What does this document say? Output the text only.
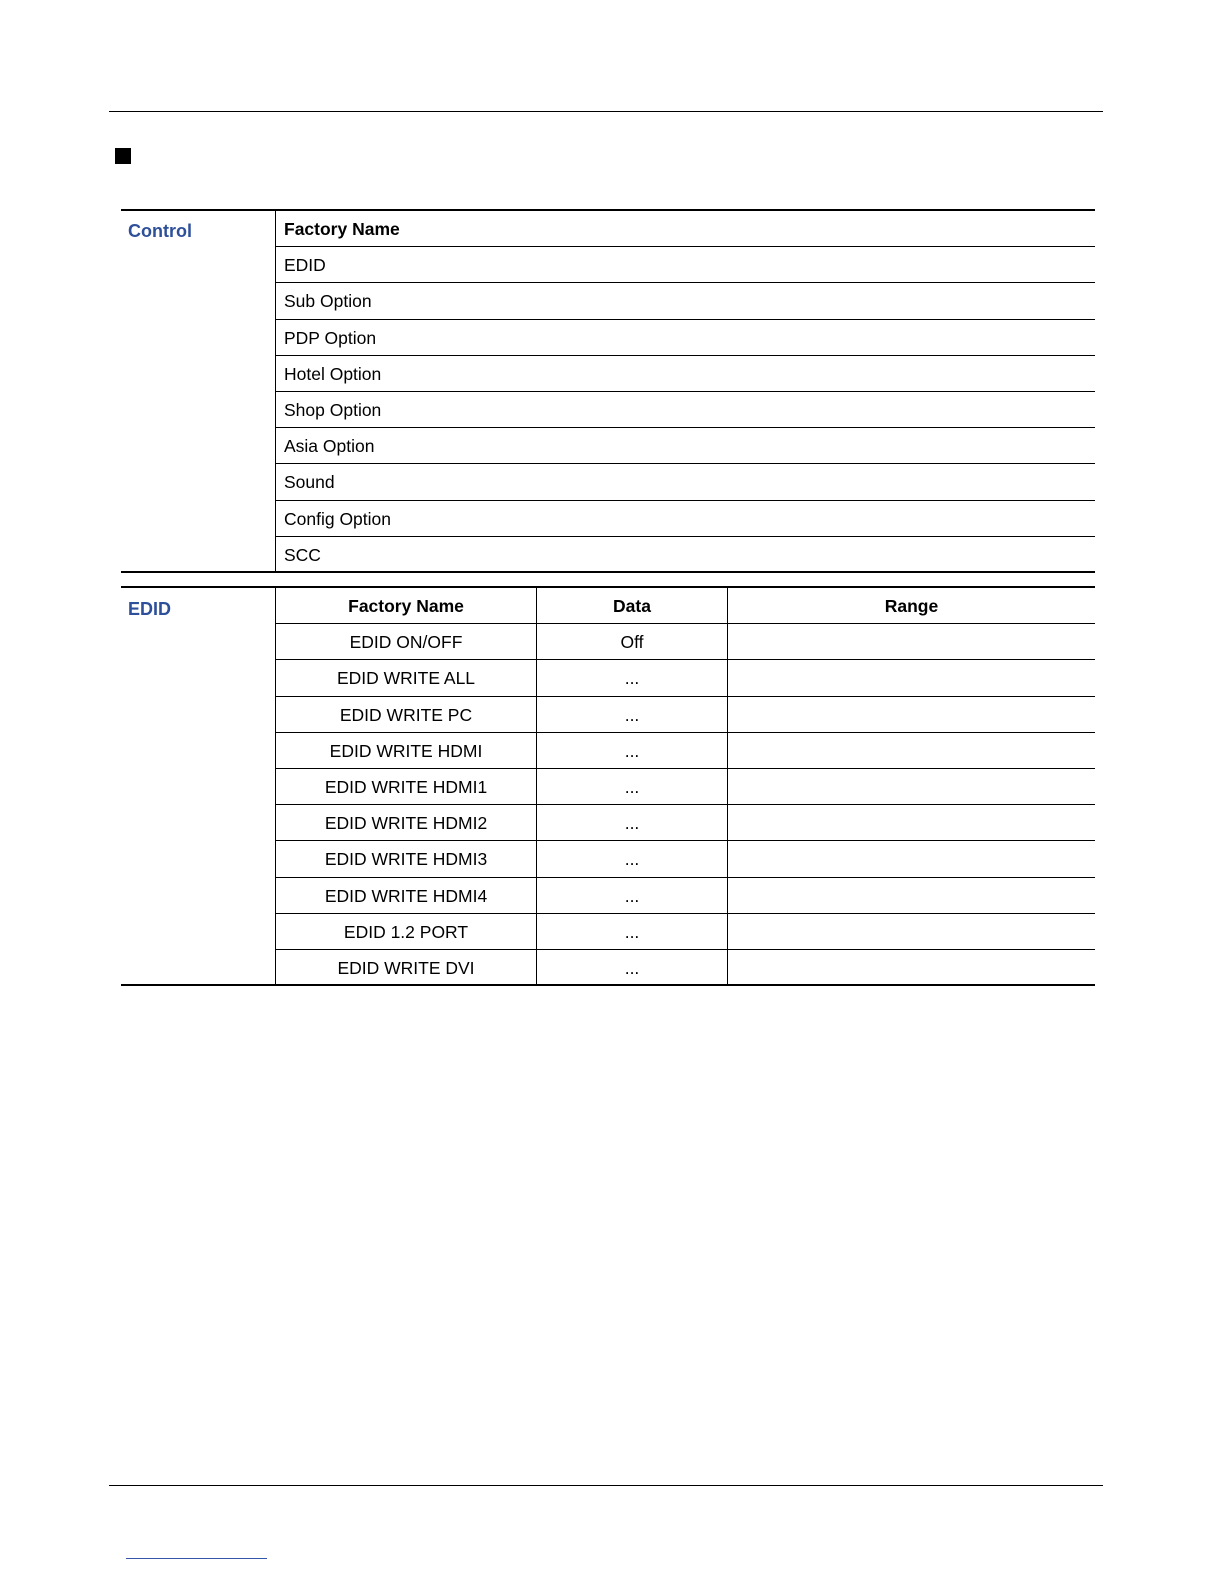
Control	Factory Name
EDID
Sub Option
PDP Option
Hotel Option
Shop Option
Asia Option
Sound
Config Option
SCC
EDID	Factory Name	Data	Range
EDID ON/OFF	Off
EDID WRITE ALL	...
EDID WRITE PC	...
EDID WRITE HDMI	...
EDID WRITE HDMI1	...
EDID WRITE HDMI2	...
EDID WRITE HDMI3	...
EDID WRITE HDMI4	...
EDID 1.2 PORT	...
EDID WRITE DVI	...
